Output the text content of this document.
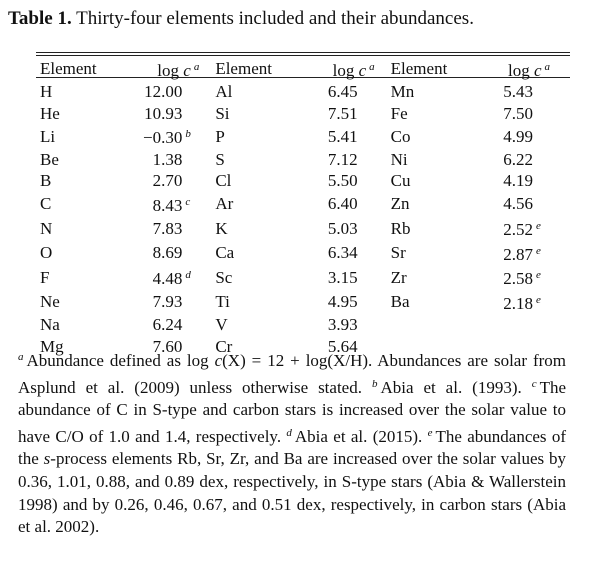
Table 1. Thirty-four elements included and their abundances.
Element	log c $^a$	Element	log c $^a$	Element	log c $^a$
H	12.00	Al	6.45	Mn	5.43
He	10.93	Si	7.51	Fe	7.50
Li	−0.30 b	P	5.41	Co	4.99
Be	1.38	S	7.12	Ni	6.22
B	2.70	Cl	5.50	Cu	4.19
C	8.43 c	Ar	6.40	Zn	4.56
N	7.83	K	5.03	Rb	2.52 e
O	8.69	Ca	6.34	Sr	2.87 e
F	4.48 d	Sc	3.15	Zr	2.58 e
Ne	7.93	Ti	4.95	Ba	2.18 e
Na	6.24	V	3.93		
Mg	7.60	Cr	5.64		
$^a$ Abundance defined as log c(X) = 12 + log(X/H). Abundances are solar from Asplund et al. (2009) unless otherwise stated. $^b$ Abia et al. (1993). $^c$ The abundance of C in S-type and carbon stars is increased over the solar value to have C/O of 1.0 and 1.4, respectively. $^d$ Abia et al. (2015). $^e$ The abundances of the s-process elements Rb, Sr, Zr, and Ba are increased over the solar values by 0.36, 1.01, 0.88, and 0.89 dex, respectively, in S-type stars (Abia & Wallerstein 1998) and by 0.26, 0.46, 0.67, and 0.51 dex, respectively, in carbon stars (Abia et al. 2002).
